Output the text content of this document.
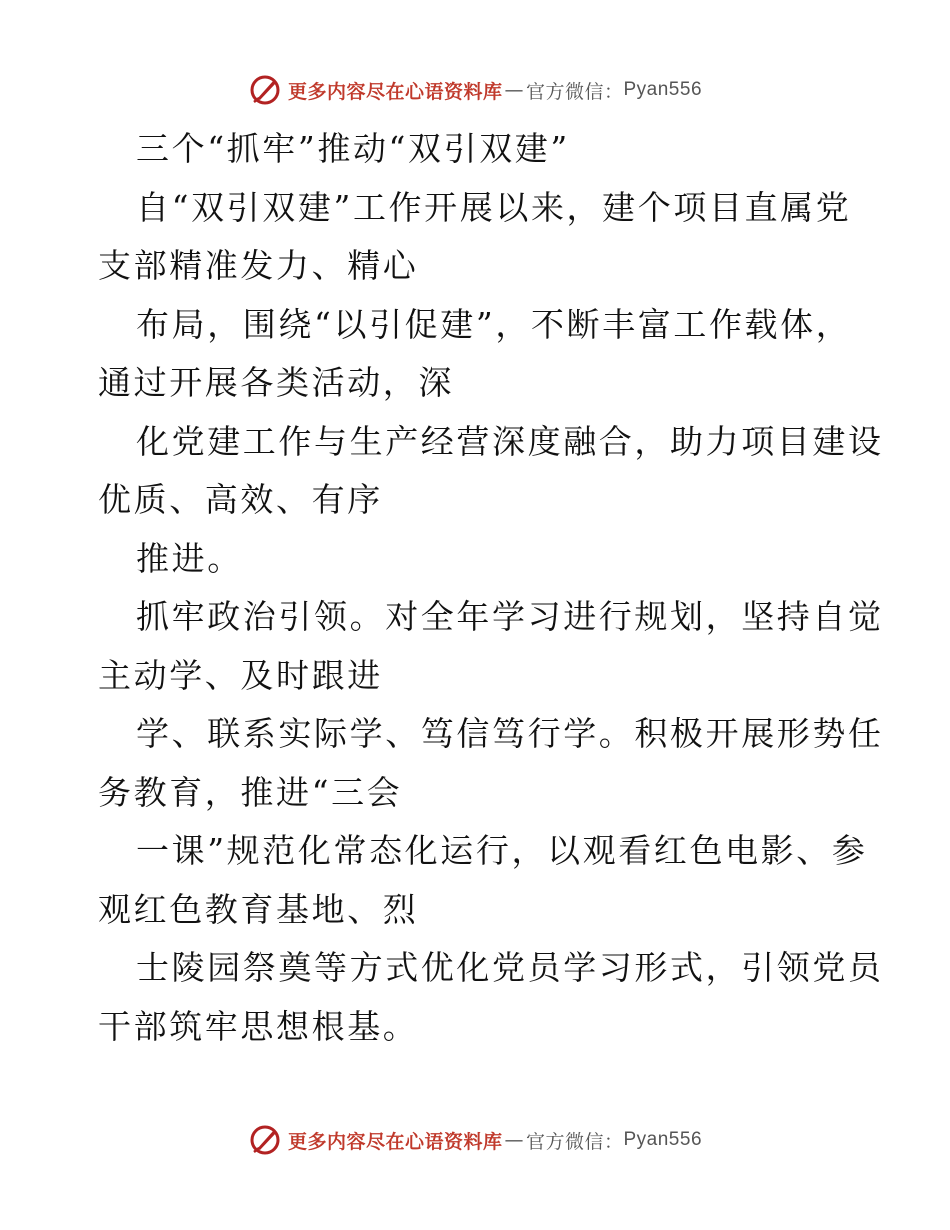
更多内容尽在心语资料库 — 官方微信： Pyan556

三个“抓牢”推动“双引双建”

自“双引双建”工作开展以来，建个项目直属党

支部精准发力、精心

布局，围绕“以引促建”，不断丰富工作载体，

通过开展各类活动，深

化党建工作与生产经营深度融合，助力项目建设

优质、高效、有序

推进。

抓牢政治引领。对全年学习进行规划，坚持自觉

主动学、及时跟进

学、联系实际学、笃信笃行学。积极开展形势任

务教育，推进“三会

一课”规范化常态化运行，以观看红色电影、参

观红色教育基地、烈

士陵园祭奠等方式优化党员学习形式，引领党员

干部筑牢思想根基。

更多内容尽在心语资料库 — 官方微信： Pyan556
